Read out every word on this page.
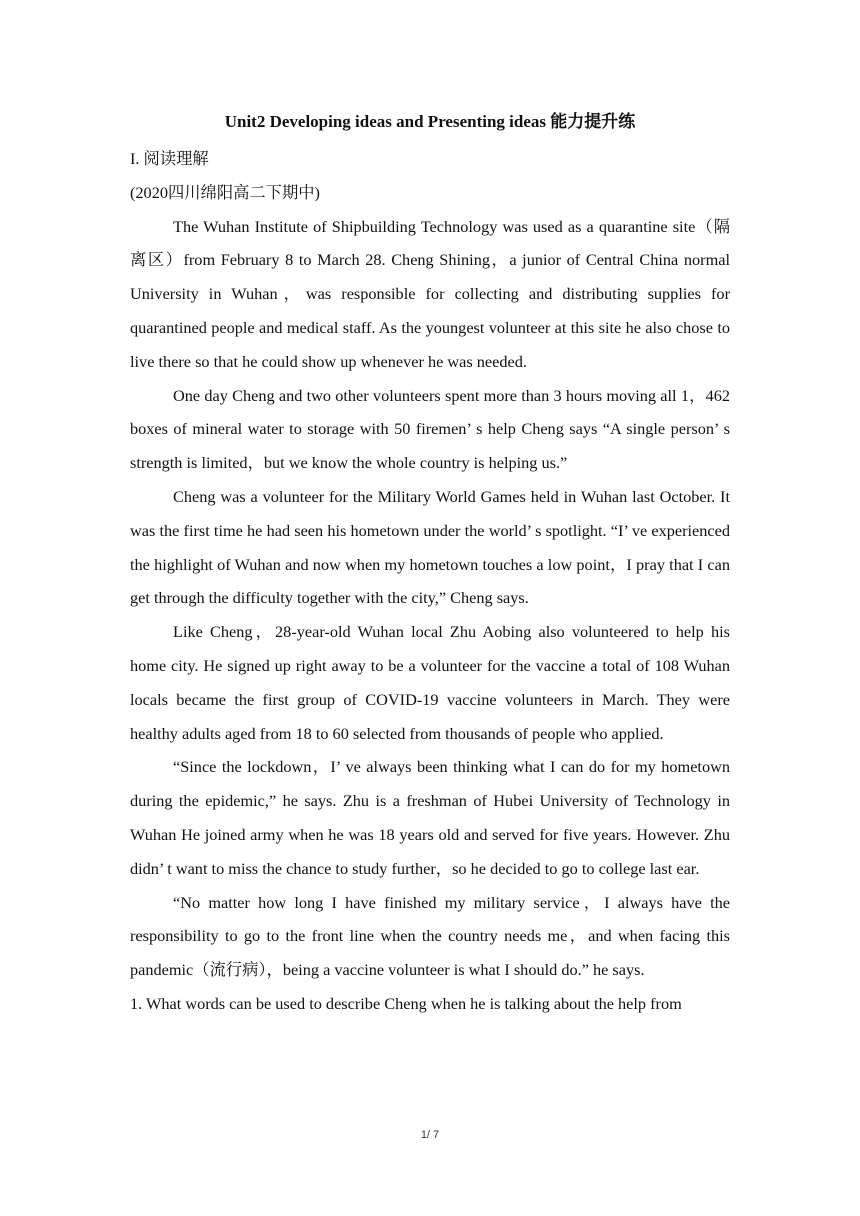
Unit2 Developing ideas and Presenting ideas 能力提升练

I. 阅读理解

(2020四川绵阳高二下期中)

The Wuhan Institute of Shipbuilding Technology was used as a quarantine site（隔离区）from February 8 to March 28. Cheng Shining，a junior of Central China normal University in Wuhan，was responsible for collecting and distributing supplies for quarantined people and medical staff. As the youngest volunteer at this site he also chose to live there so that he could show up whenever he was needed.

One day Cheng and two other volunteers spent more than 3 hours moving all 1，462 boxes of mineral water to storage with 50 firemen’ s help Cheng says “A single person’ s strength is limited，but we know the whole country is helping us.”

Cheng was a volunteer for the Military World Games held in Wuhan last October. It was the first time he had seen his hometown under the world’ s spotlight. “I’ ve experienced the highlight of Wuhan and now when my hometown touches a low point，I pray that I can get through the difficulty together with the city,” Cheng says.

Like Cheng，28-year-old Wuhan local Zhu Aobing also volunteered to help his home city. He signed up right away to be a volunteer for the vaccine a total of 108 Wuhan locals became the first group of COVID-19 vaccine volunteers in March. They were healthy adults aged from 18 to 60 selected from thousands of people who applied.

“Since the lockdown，I’ ve always been thinking what I can do for my hometown during the epidemic,” he says. Zhu is a freshman of Hubei University of Technology in Wuhan He joined army when he was 18 years old and served for five years. However. Zhu didn’ t want to miss the chance to study further，so he decided to go to college last ear.

“No matter how long I have finished my military service，I always have the responsibility to go to the front line when the country needs me，and when facing this pandemic（流行病），being a vaccine volunteer is what I should do.” he says.

1. What words can be used to describe Cheng when he is talking about the help from

1/ 7
